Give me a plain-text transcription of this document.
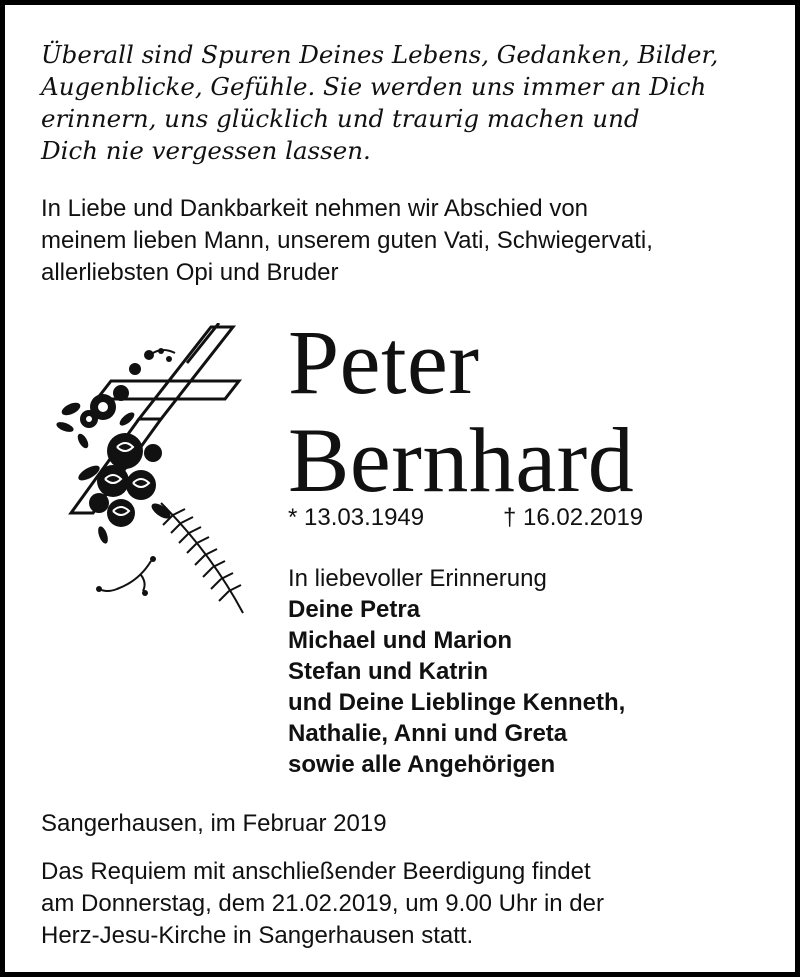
Überall sind Spuren Deines Lebens, Gedanken, Bilder,
Augenblicke, Gefühle. Sie werden uns immer an Dich
erinnern, uns glücklich und traurig machen und
Dich nie vergessen lassen.

In Liebe und Dankbarkeit nehmen wir Abschied von
meinem lieben Mann, unserem guten Vati, Schwiegervati,
allerliebsten Opi und Bruder

Peter
Bernhard
* 13.03.1949	† 16.02.2019

In liebevoller Erinnerung
Deine Petra
Michael und Marion
Stefan und Katrin
und Deine Lieblinge Kenneth,
Nathalie, Anni und Greta
sowie alle Angehörigen

Sangerhausen, im Februar 2019

Das Requiem mit anschließender Beerdigung findet
am Donnerstag, dem 21.02.2019, um 9.00 Uhr in der
Herz-Jesu-Kirche in Sangerhausen statt.
